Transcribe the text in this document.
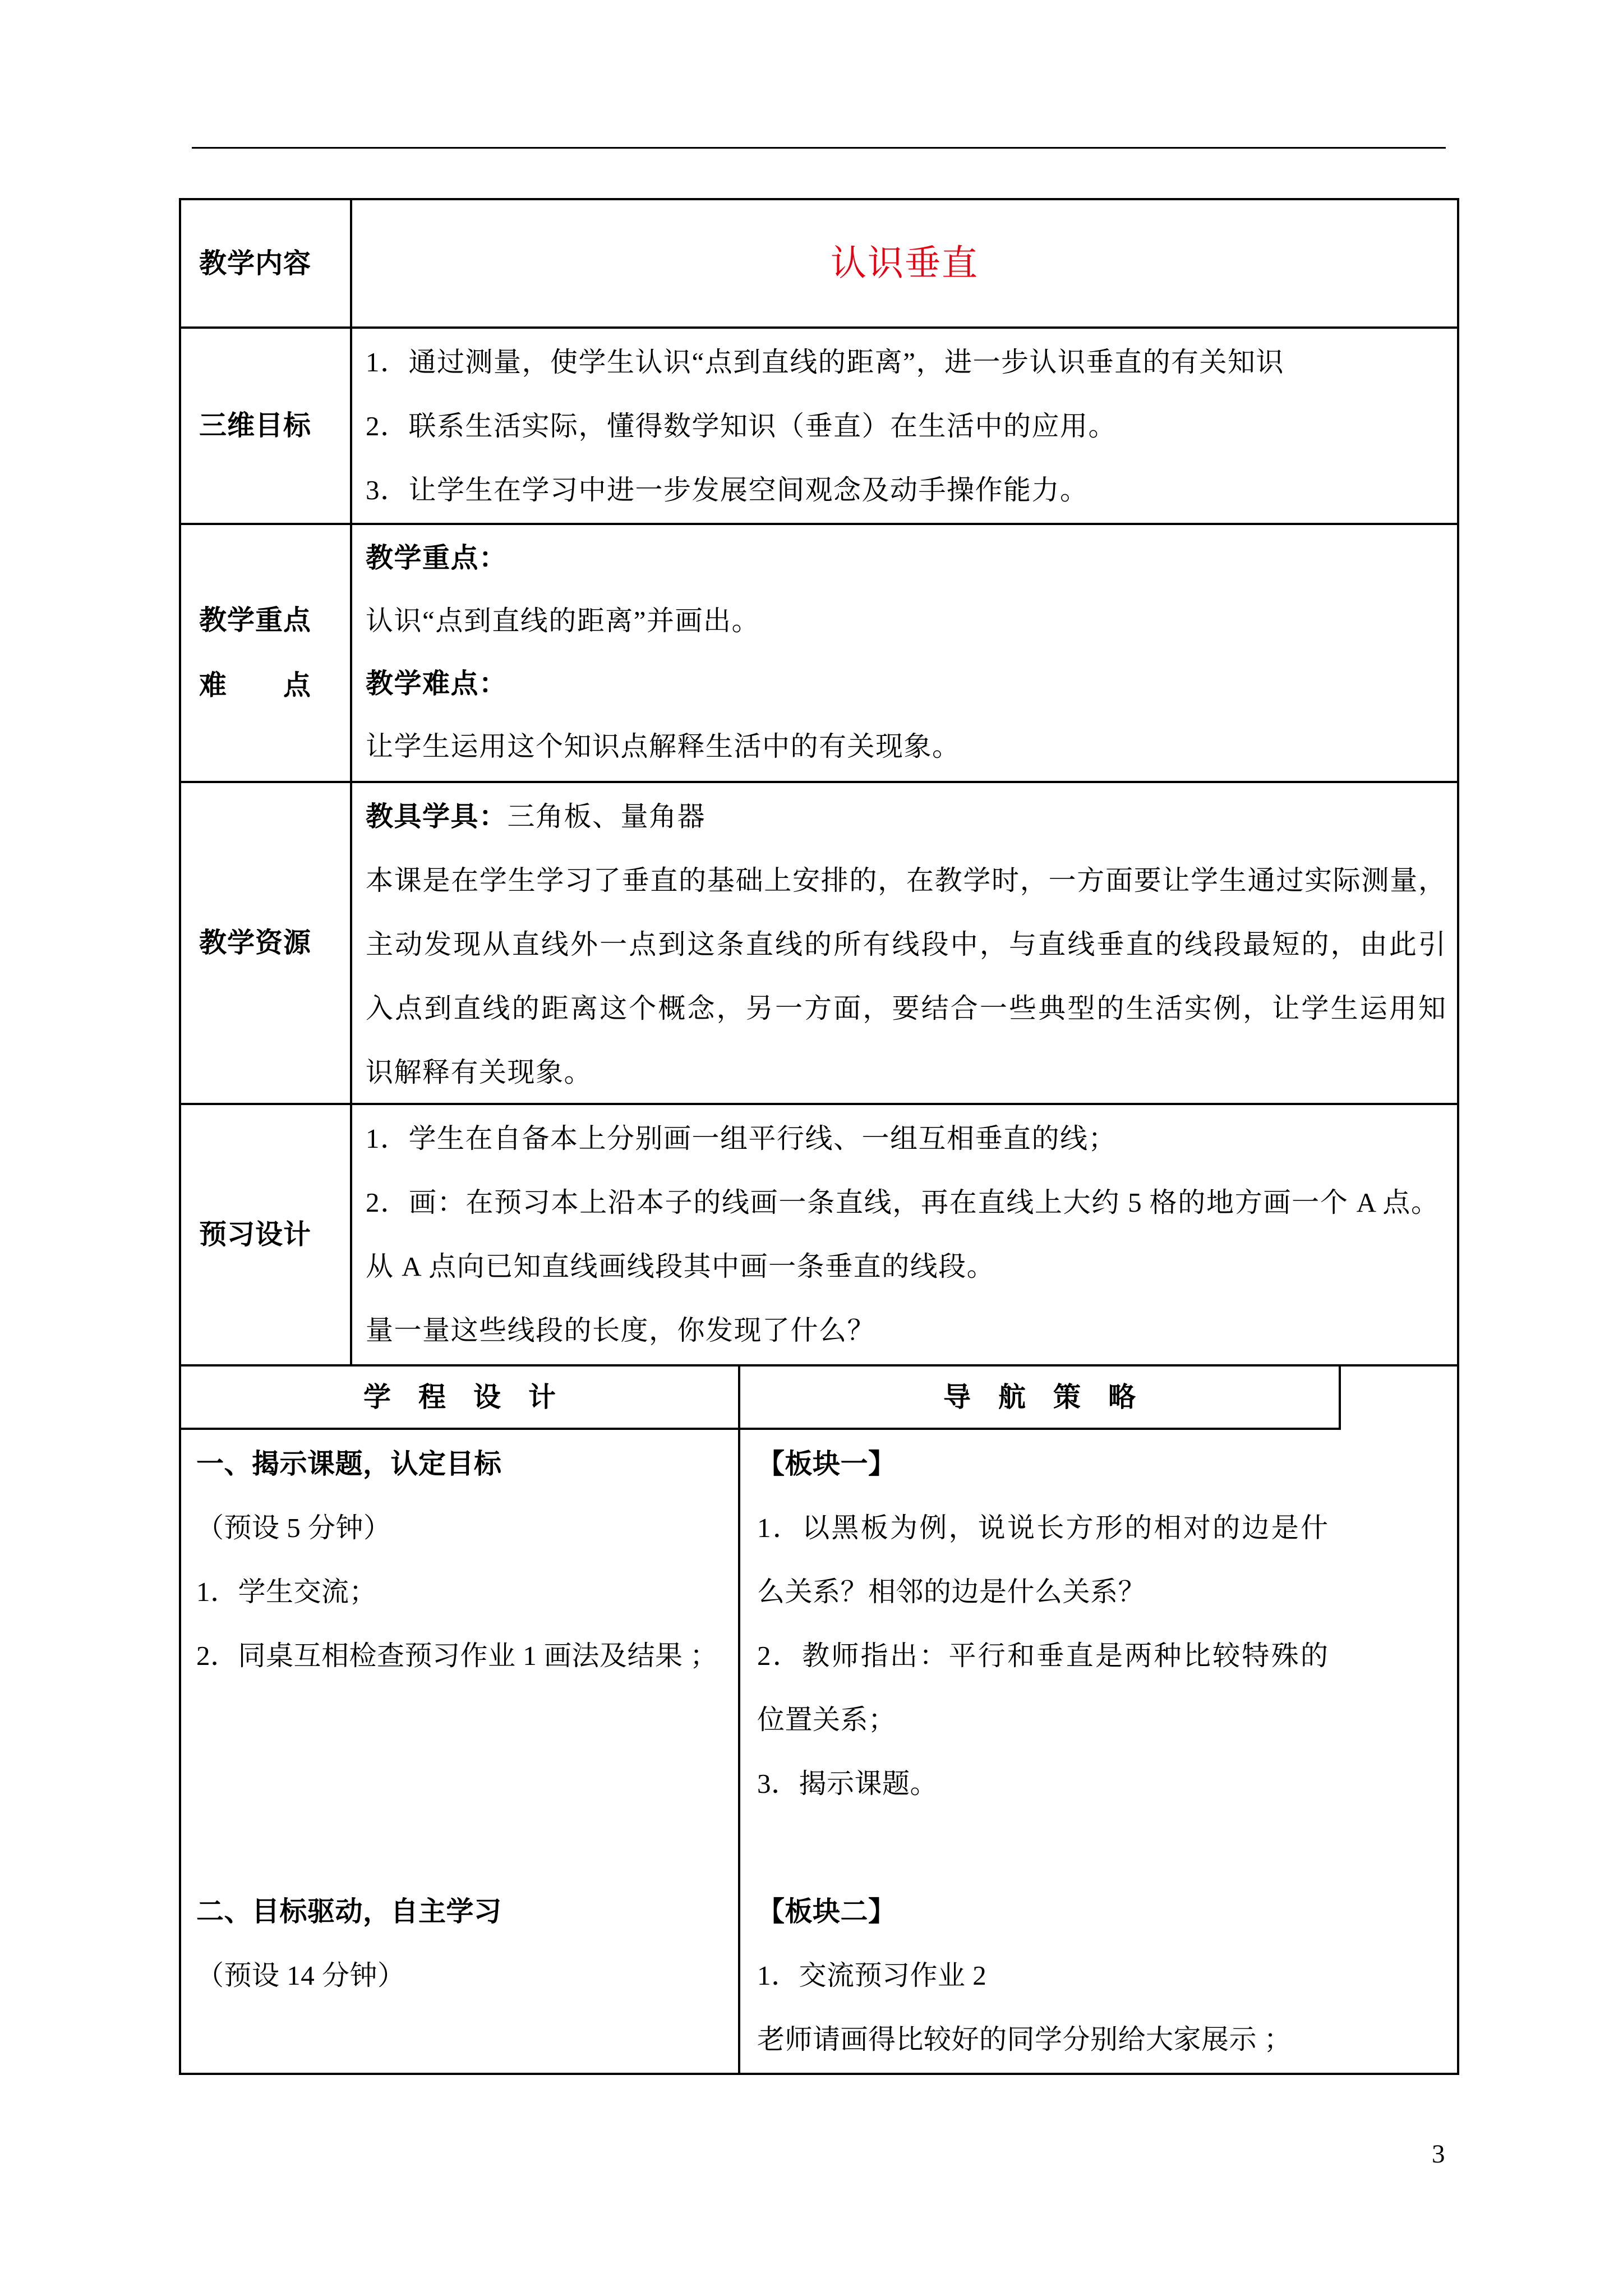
教学内容	认识垂直
三维目标
1．通过测量，使学生认识“点到直线的距离”，进一步认识垂直的有关知识
2．联系生活实际，懂得数学知识（垂直）在生活中的应用。
3．让学生在学习中进一步发展空间观念及动手操作能力。
教学重点
难　　点
教学重点：
认识“点到直线的距离”并画出。
教学难点：
让学生运用这个知识点解释生活中的有关现象。
教学资源
教具学具：三角板、量角器
本课是在学生学习了垂直的基础上安排的，在教学时，一方面要让学生通过实际测量，
主动发现从直线外一点到这条直线的所有线段中，与直线垂直的线段最短的，由此引
入点到直线的距离这个概念，另一方面，要结合一些典型的生活实例，让学生运用知
识解释有关现象。
预习设计
1．学生在自备本上分别画一组平行线、一组互相垂直的线；
2．画：在预习本上沿本子的线画一条直线，再在直线上大约 5 格的地方画一个 A 点。
从 A 点向已知直线画线段其中画一条垂直的线段。
量一量这些线段的长度，你发现了什么？
学　程　设　计	导　航　策　略
一、揭示课题，认定目标
（预设 5 分钟）
1．学生交流；
2．同桌互相检查预习作业 1 画法及结果 ；
二、目标驱动，自主学习
（预设 14 分钟）
【板块一】
1．以黑板为例，说说长方形的相对的边是什
么关系？相邻的边是什么关系？
2．教师指出：平行和垂直是两种比较特殊的
位置关系；
3．揭示课题。
【板块二】
1．交流预习作业 2
老师请画得比较好的同学分别给大家展示 ；
3
